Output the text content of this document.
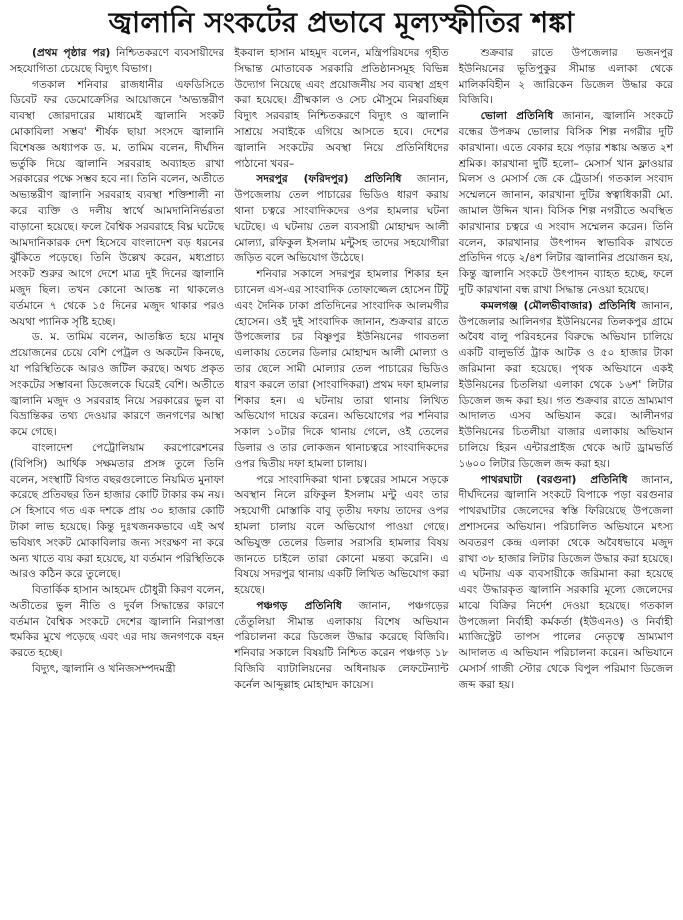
জ্বালানি সংকটের প্রভাবে মূল্যস্ফীতির শঙ্কা

(প্রথম পৃষ্ঠার পর) নিশ্চিতকরণে ব্যবসায়ীদের সহযোগিতা চেয়েছে বিদ্যুৎ বিভাগ।

গতকাল শনিবার রাজধানীর এফডিসিতে ডিবেট ফর ডেমোক্রেসির আয়োজনে 'অভ্যন্তরীণ ব্যবস্থা জোরদারের মাধ্যমেই জ্বালানি সংকট মোকাবিলা সম্ভব' শীর্ষক ছায়া সংসদে জ্বালানি বিশেষজ্ঞ অধ্যাপক ড. ম. তামিম বলেন, দীর্ঘদিন ভর্তুকি দিয়ে জ্বালানি সরবরাহ অব্যাহত রাখা সরকারের পক্ষে সম্ভব হবে না। তিনি বলেন, অতীতে অভ্যন্তরীণ জ্বালানি সরবরাহ ব্যবস্থা শক্তিশালী না করে ব্যক্তি ও দলীয় স্বার্থে আমদানিনির্ভরতা বাড়ানো হয়েছে। ফলে বৈশ্বিক সরবরাহে বিঘ্ন ঘটেছে আমদানিকারক দেশ হিসেবে বাংলাদেশ বড় ধরনের ঝুঁকিতে পড়েছে। তিনি উল্লেখ করেন, মধ্যপ্রাচ্য সংকট শুরুর আগে দেশে মাত্র দুই দিনের জ্বালানি মজুদ ছিল। তখন কোনো আতঙ্ক না থাকলেও বর্তমানে ৭ থেকে ১৫ দিনের মজুদ থাকার পরও অযথা প্যানিক সৃষ্টি হচ্ছে।

ড. ম. তামিম বলেন, আতঙ্কিত হয়ে মানুষ প্রয়োজনের চেয়ে বেশি পেট্রল ও অকটেন কিনছে, যা পরিস্থিতিকে আরও জটিল করছে। অথচ প্রকৃত সংকটের সম্ভাবনা ডিজেলকে ঘিরেই বেশি। অতীতে জ্বালানি মজুদ ও সরবরাহ নিয়ে সরকারের ভুল বা বিভ্রান্তিকর তথ্য দেওয়ার কারণে জনগণের আস্থা কমে গেছে।

বাংলাদেশ পেট্রোলিয়াম করপোরেশনের (বিপিসি) আর্থিক সক্ষমতার প্রসঙ্গ তুলে তিনি বলেন, সংস্থাটি বিগত বছরগুলোতে নিয়মিত মুনাফা করেছে প্রতিবছর তিন হাজার কোটি টাকার কম নয়। সে হিসাবে গত এক দশকে প্রায় ৩০ হাজার কোটি টাকা লাভ হয়েছে। কিন্তু দুঃখজনকভাবে এই অর্থ ভবিষ্যৎ সংকট মোকাবিলার জন্য সংরক্ষণ না করে অন্য খাতে ব্যয় করা হয়েছে, যা বর্তমান পরিস্থিতিকে আরও কঠিন করে তুলেছে।

বিতার্কিক হাসান আহমেদ চৌধুরী কিরণ বলেন, অতীতের ভুল নীতি ও দুর্বল সিদ্ধান্তের কারণে বর্তমান বৈশ্বিক সংকটে দেশের জ্বালানি নিরাপত্তা হুমকির মুখে পড়েছে এবং এর দায় জনগণকে বহন করতে হচ্ছে।

বিদ্যুৎ, জ্বালানি ও খনিজসম্পদমন্ত্রী

ইকবাল হাসান মাহমুদ বলেন, মন্ত্রিপরিষদের গৃহীত সিদ্ধান্ত মোতাবেক সরকারি প্রতিষ্ঠানসমূহ বিভিন্ন উদ্যোগ নিয়েছে এবং প্রয়োজনীয় সব ব্যবস্থা গ্রহণ করা হয়েছে। গ্রীষ্মকাল ও সেচ মৌসুমে নিরবচ্ছিন্ন বিদ্যুৎ সরবরাহ নিশ্চিতকরণে বিদ্যুৎ ও জ্বালানি সাশ্রয়ে সবাইকে এগিয়ে আসতে হবে। দেশের জ্বালানি সংকটের অবস্থা নিয়ে প্রতিনিধিদের পাঠানো খবর–

সদরপুর (ফরিদপুর) প্রতিনিধি জানান, উপজেলায় তেল পাচারের ভিডিও ধারণ করায় থানা চত্বরে সাংবাদিকদের ওপর হামলার ঘটনা ঘটেছে। এ ঘটনায় তেল ব্যবসায়ী মোহাম্মদ আলী মোল্যা, রফিকুল ইসলাম মন্টুসহ তাদের সহযোগীরা জড়িত বলে অভিযোগ উঠেছে।

শনিবার সকালে সদরপুর হামলার শিকার হন চ্যানেল এস-এর সাংবাদিক তোফাজ্জেল হোসেন টিটু এবং দৈনিক ঢাকা প্রতিদিনের সাংবাদিক আলমগীর হোসেন। ওই দুই সাংবাদিক জানান, শুক্রবার রাতে উপজেলার চর বিষ্ণুপুর ইউনিয়নের গাবতলা এলাকায় তেলের ডিলার মোহাম্মদ আলী মোল্যা ও তার ছেলে সামী মোল্যার তেল পাচারের ভিডিও ধারণ করলে তারা (সাংবাদিকরা) প্রথম দফা হামলার শিকার হন। এ ঘটনায় তারা থানায় লিখিত অভিযোগ দায়ের করেন। অভিযোগের পর শনিবার সকাল ১০টার দিকে থানায় গেলে, ওই তেলের ডিলার ও তার লোকজন থানাচত্বরে সাংবাদিকদের ওপর দ্বিতীয় দফা হামলা চালায়।

পরে সাংবাদিকরা থানা চত্বরের সামনে সড়কে অবস্থান নিলে রফিকুল ইসলাম মন্টু এবং তার সহযোগী মোস্তাকি বাবু তৃতীয় দফায় তাদের ওপর হামলা চালায় বলে অভিযোগ পাওয়া গেছে। অভিযুক্ত তেলের ডিলার সরাসরি হামলার বিষয় জানতে চাইলে তারা কোনো মন্তব্য করেনি। এ বিষয়ে সদরপুর থানায় একটি লিখিত অভিযোগ করা হয়েছে।

পঞ্চগড় প্রতিনিধি জানান, পঞ্চগড়ের তেঁতুলিয়া সীমান্ত এলাকায় বিশেষ অভিযান পরিচালনা করে ডিজেল উদ্ধার করেছে বিজিবি। শনিবার সকালে বিষয়টি নিশ্চিত করেন পঞ্চগড় ১৮ বিজিবি ব্যাটালিয়নের অধিনায়ক লেফটেন্যান্ট কর্নেল আব্দুল্লাহ মোহাম্মদ কায়েস।

শুক্রবার রাতে উপজেলার ভজনপুর ইউনিয়নের ভূতিপুকুর সীমান্ত এলাকা থেকে মালিকবিহীন ২ জারিকেন ডিজেল উদ্ধার করে বিজিবি।

ভোলা প্রতিনিধি জানান, জ্বালানি সংকটে বন্ধের উপক্রম ভোলার বিসিক শিল্প নগরীর দুটি কারখানা। এতে বেকার হয়ে পড়ার শঙ্কায় অন্তত ২শ শ্রমিক। কারখানা দুটি হলো– মেসার্স খান ফ্লাওয়ার মিলস ও মেসার্স জে কে ট্রেডার্স। গতকাল সংবাদ সম্মেলনে জানান, কারখানা দুটির স্বত্বাধিকারী মো. জামাল উদ্দিন খান। বিসিক শিল্প নগরীতে অবস্থিত কারখানার চত্বরে এ সংবাদ সম্মেলন করেন। তিনি বলেন, কারখানার উৎপাদন স্বাভাবিক রাখতে প্রতিদিন গড়ে ২/৪শ লিটার জ্বালানির প্রয়োজন হয়, কিন্তু জ্বালানি সংকটে উৎপাদন ব্যাহত হচ্ছে, ফলে দুটি কারখানা বন্ধ রাখা সিদ্ধান্ত নেওয়া হয়েছে।

কমলগঞ্জ (মৌলভীবাজার) প্রতিনিধি জানান, উপজেলার আলিনগর ইউনিয়নের তিলকপুর গ্রামে অবৈধ বালু পরিবহনের বিরুদ্ধে অভিযান চালিয়ে একটি বালুভর্তি ট্রাক আটক ও ৫০ হাজার টাকা জরিমানা করা হয়েছে। পৃথক অভিযানে একই ইউনিয়নের চিতলিয়া এলাকা থেকে ১৬শ' লিটার ডিজেল জব্দ করা হয়। গত শুক্রবার রাতে ভ্রাম্যমাণ আদালত এসব অভিযান করে। আলীনগর ইউনিয়নের চিতলীয়া বাজার এলাকায় অভিযান চালিয়ে হিরন এন্টারপ্রাইজ থেকে আট ড্রামভর্তি ১৬০০ লিটার ডিজেল জব্দ করা হয়।

পাথরঘাটা (বরগুনা) প্রতিনিধি জানান, দীর্ঘদিনের জ্বালানি সংকটে বিপাকে পড়া বরগুনার পাথরঘাটার জেলেদের স্বস্তি ফিরিয়েছে উপজেলা প্রশাসনের অভিযান। পরিচালিত অভিযানে মৎস্য অবতরণ কেন্দ্র এলাকা থেকে অবৈধভাবে মজুদ রাখা ৩৮ হাজার লিটার ডিজেল উদ্ধার করা হয়েছে। এ ঘটনায় এক ব্যবসায়ীকে জরিমানা করা হয়েছে এবং উদ্ধারকৃত জ্বালানি সরকারি মূল্যে জেলেদের মাঝে বিক্রির নির্দেশ দেওয়া হয়েছে। গতকাল উপজেলা নির্বাহী কর্মকর্তা (ইউএনও) ও নির্বাহী ম্যাজিস্ট্রেট তাপস পালের নেতৃত্বে ভ্রাম্যমাণ আদালত এ অভিযান পরিচালনা করেন। অভিযানে মেসার্স গাজী স্টোর থেকে বিপুল পরিমাণ ডিজেল জব্দ করা হয়।
